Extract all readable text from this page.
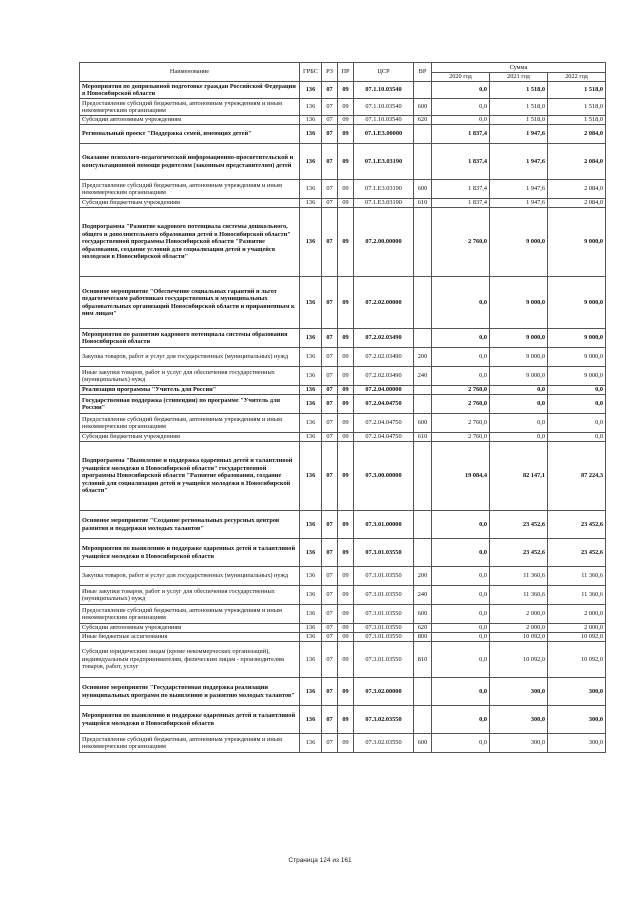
Наименование	ГРБС	РЗ	ПР	ЦСР	ВР	Сумма		
						2020 год	2021 год	2022 год
Мероприятия по допризывной подготовке граждан Российской Федерации в Новосибирской области	136	07	09	07.1.10.03540		0,0	1 518,0	1 518,0
Предоставление субсидий бюджетным, автономным учреждениям и иным некоммерческим организациям	136	07	09	07.1.10.03540	600	0,0	1 518,0	1 518,0
Субсидии автономным учреждениям	136	07	09	07.1.10.03540	620	0,0	1 518,0	1 518,0
Региональный проект "Поддержка семей, имеющих детей"	136	07	09	07.1.Е3.00000		1 837,4	1 947,6	2 084,0
Оказание психолого-педагогической информационно-просветительской и консультационной помощи родителям (законным представителям) детей	136	07	09	07.1.Е3.03190		1 837,4	1 947,6	2 084,0
Предоставление субсидий бюджетным, автономным учреждениям и иным некоммерческим организациям	136	07	09	07.1.Е3.03190	600	1 837,4	1 947,6	2 084,0
Субсидии бюджетным учреждениям	136	07	09	07.1.Е3.03190	610	1 837,4	1 947,6	2 084,0
Подпрограмма "Развитие кадрового потенциала системы дошкольного, общего и дополнительного образования детей в Новосибирской области" государственной программы Новосибирской области "Развитие образования, создание условий для социализации детей и учащейся молодежи в Новосибирской области"	136	07	09	07.2.00.00000		2 760,0	9 000,0	9 000,0
Основное мероприятие "Обеспечение социальных гарантий и льгот педагогическим работникам государственных и муниципальных образовательных организаций Новосибирской области и приравненным к ним лицам"	136	07	09	07.2.02.00000		0,0	9 000,0	9 000,0
Мероприятия по развитию кадрового потенциала системы образования Новосибирской области	136	07	09	07.2.02.03490		0,0	9 000,0	9 000,0
Закупка товаров, работ и услуг для государственных (муниципальных) нужд	136	07	09	07.2.02.03490	200	0,0	9 000,0	9 000,0
Иные закупки товаров, работ и услуг для обеспечения государственных (муниципальных) нужд	136	07	09	07.2.02.03490	240	0,0	9 000,0	9 000,0
Реализация программы "Учитель для России"	136	07	09	07.2.04.00000		2 760,0	0,0	0,0
Государственная поддержка (стипендии) по программе "Учитель для России"	136	07	09	07.2.04.04750		2 760,0	0,0	0,0
Предоставление субсидий бюджетным, автономным учреждениям и иным некоммерческим организациям	136	07	09	07.2.04.04750	600	2 760,0	0,0	0,0
Субсидии бюджетным учреждениям	136	07	09	07.2.04.04750	610	2 760,0	0,0	0,0
Подпрограмма "Выявление и поддержка одаренных детей и талантливой учащейся молодежи в Новосибирской области" государственной программы Новосибирской области "Развитие образования, создание условий для социализации детей и учащейся молодежи в Новосибирской области"	136	07	09	07.3.00.00000		19 084,4	82 147,1	87 224,3
Основное мероприятие "Создание региональных ресурсных центров развития и поддержки молодых талантов"	136	07	09	07.3.01.00000		0,0	23 452,6	23 452,6
Мероприятия по выявлению и поддержке одаренных детей и талантливой учащейся молодежи в Новосибирской области	136	07	09	07.3.01.03550		0,0	23 452,6	23 452,6
Закупка товаров, работ и услуг для государственных (муниципальных) нужд	136	07	09	07.3.01.03550	200	0,0	11 360,6	11 360,6
Иные закупки товаров, работ и услуг для обеспечения государственных (муниципальных) нужд	136	07	09	07.3.01.03550	240	0,0	11 360,6	11 360,6
Предоставление субсидий бюджетным, автономным учреждениям и иным некоммерческим организациям	136	07	09	07.3.01.03550	600	0,0	2 000,0	2 000,0
Субсидии автономным учреждениям	136	07	09	07.3.01.03550	620	0,0	2 000,0	2 000,0
Иные бюджетные ассигнования	136	07	09	07.3.01.03550	800	0,0	10 092,0	10 092,0
Субсидии юридическим лицам (кроме некоммерческих организаций), индивидуальным предпринимателям, физическим лицам - производителям товаров, работ, услуг	136	07	09	07.3.01.03550	810	0,0	10 092,0	10 092,0
Основное мероприятие "Государственная поддержка реализации муниципальных программ по выявлению и развитию молодых талантов"	136	07	09	07.3.02.00000		0,0	300,0	300,0
Мероприятия по выявлению и поддержке одаренных детей и талантливой учащейся молодежи в Новосибирской области	136	07	09	07.3.02.03550		0,0	300,0	300,0
Предоставление субсидий бюджетным, автономным учреждениям и иным некоммерческим организациям	136	07	09	07.3.02.03550	600	0,0	300,0	300,0
Страница 124 из 161
